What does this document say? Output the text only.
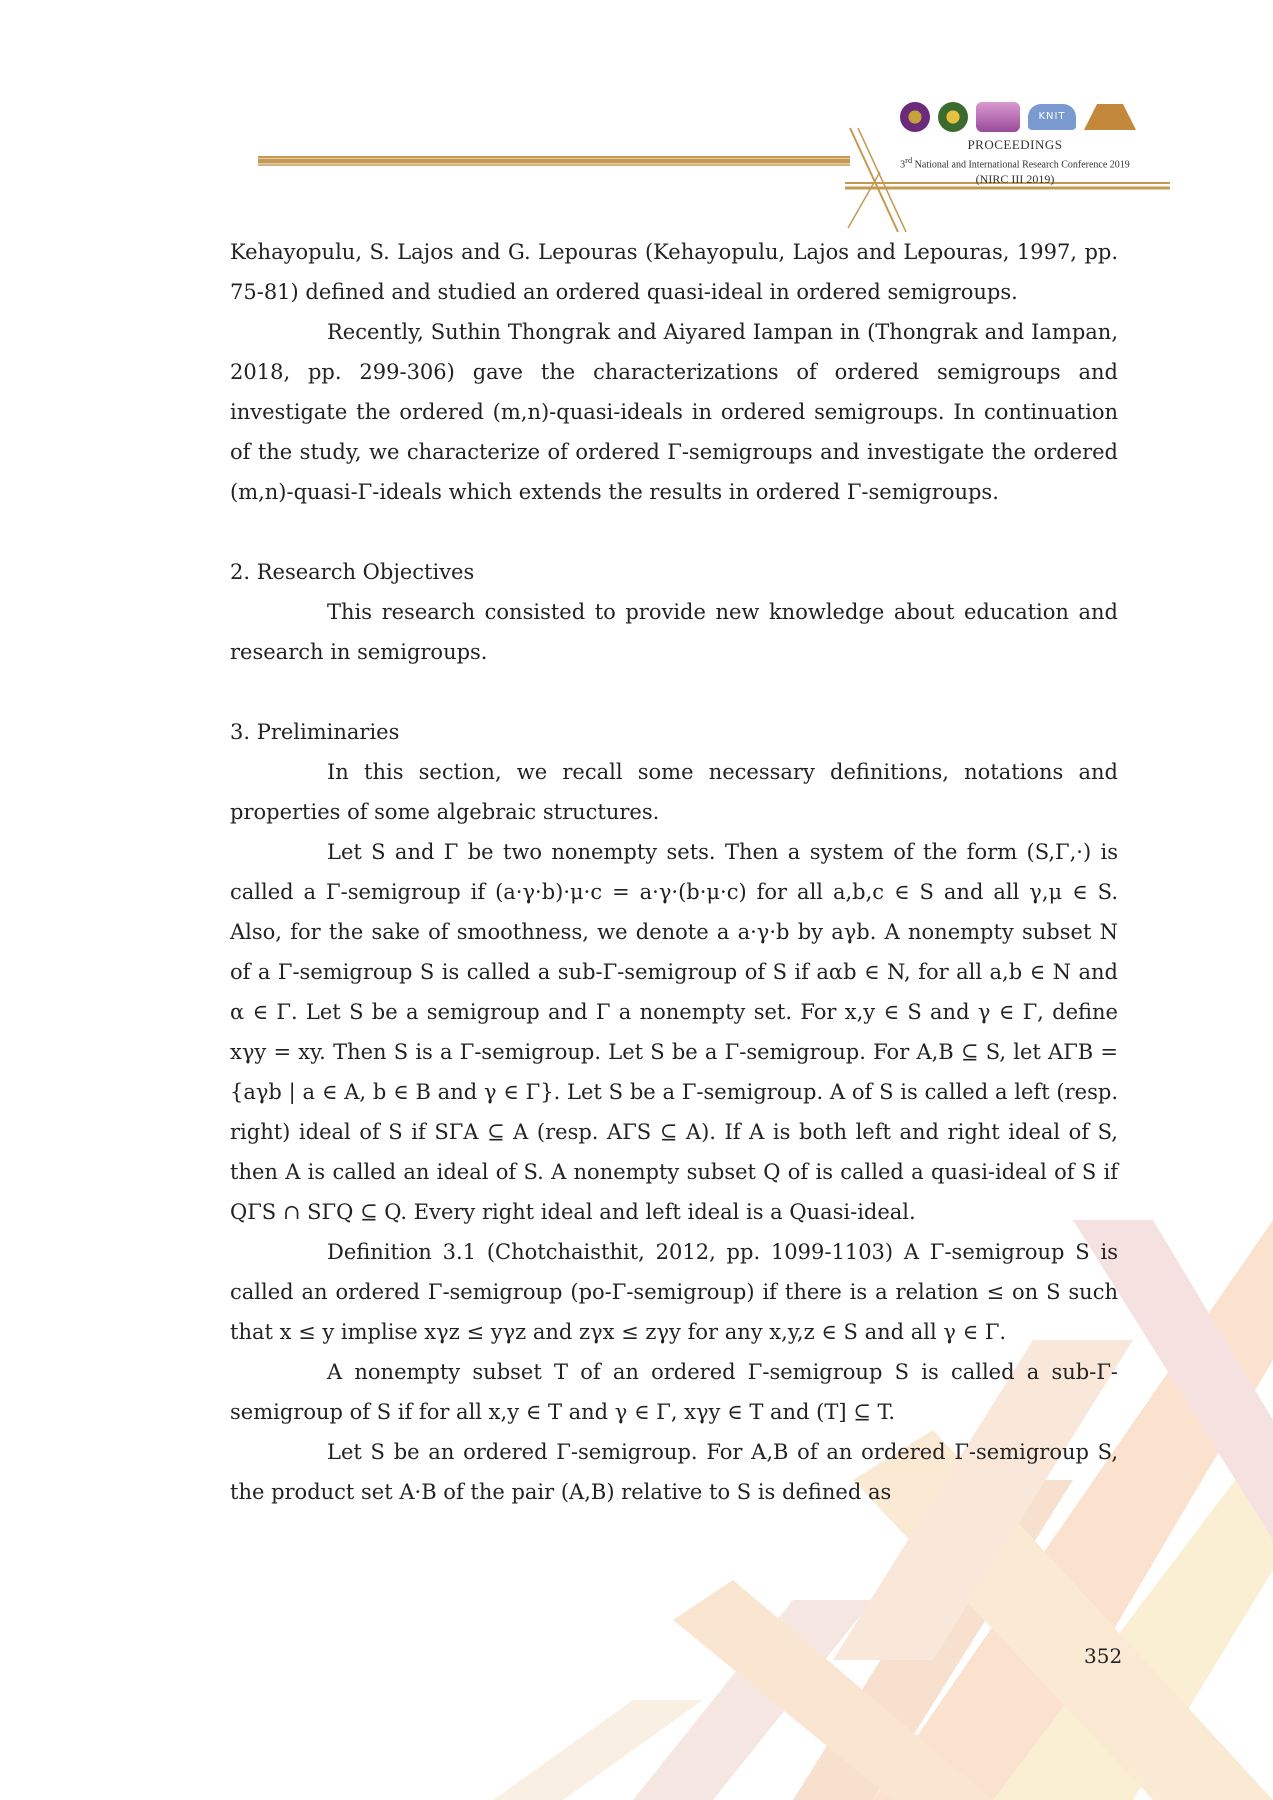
KNIT
PROCEEDINGS
3rd National and International Research Conference 2019
(NIRC III 2019)

Kehayopulu, S. Lajos and G. Lepouras (Kehayopulu, Lajos and Lepouras, 1997, pp. 75-81) defined and studied an ordered quasi-ideal in ordered semigroups.

Recently, Suthin Thongrak and Aiyared Iampan in (Thongrak and Iampan, 2018, pp. 299-306) gave the characterizations of ordered semigroups and investigate the ordered (m,n)-quasi-ideals in ordered semigroups. In continuation of the study, we characterize of ordered Γ-semigroups and investigate the ordered (m,n)-quasi-Γ-ideals which extends the results in ordered Γ-semigroups.

2. Research Objectives

This research consisted to provide new knowledge about education and research in semigroups.

3. Preliminaries

In this section, we recall some necessary definitions, notations and properties of some algebraic structures.

Let S and Γ be two nonempty sets. Then a system of the form (S,Γ,·) is called a Γ-semigroup if (a·γ·b)·μ·c = a·γ·(b·μ·c) for all a,b,c ∈ S and all γ,μ ∈ S. Also, for the sake of smoothness, we denote a a·γ·b by aγb. A nonempty subset N of a Γ-semigroup S is called a sub-Γ-semigroup of S if aαb ∈ N, for all a,b ∈ N and α ∈ Γ. Let S be a semigroup and Γ a nonempty set. For x,y ∈ S and γ ∈ Γ, define xγy = xy. Then S is a Γ-semigroup. Let S be a Γ-semigroup. For A,B ⊆ S, let AΓB = {aγb | a ∈ A, b ∈ B and γ ∈ Γ}. Let S be a Γ-semigroup. A of S is called a left (resp. right) ideal of S if SΓA ⊆ A (resp. AΓS ⊆ A). If A is both left and right ideal of S, then A is called an ideal of S. A nonempty subset Q of is called a quasi-ideal of S if QΓS ∩ SΓQ ⊆ Q. Every right ideal and left ideal is a Quasi-ideal.

Definition 3.1 (Chotchaisthit, 2012, pp. 1099-1103) A Γ-semigroup S is called an ordered Γ-semigroup (po-Γ-semigroup) if there is a relation ≤ on S such that x ≤ y implise xγz ≤ yγz and zγx ≤ zγy for any x,y,z ∈ S and all γ ∈ Γ.

A nonempty subset T of an ordered Γ-semigroup S is called a sub-Γ-semigroup of S if for all x,y ∈ T and γ ∈ Γ, xγy ∈ T and (T] ⊆ T.

Let S be an ordered Γ-semigroup. For A,B of an ordered Γ-semigroup S, the product set A·B of the pair (A,B) relative to S is defined as

352
